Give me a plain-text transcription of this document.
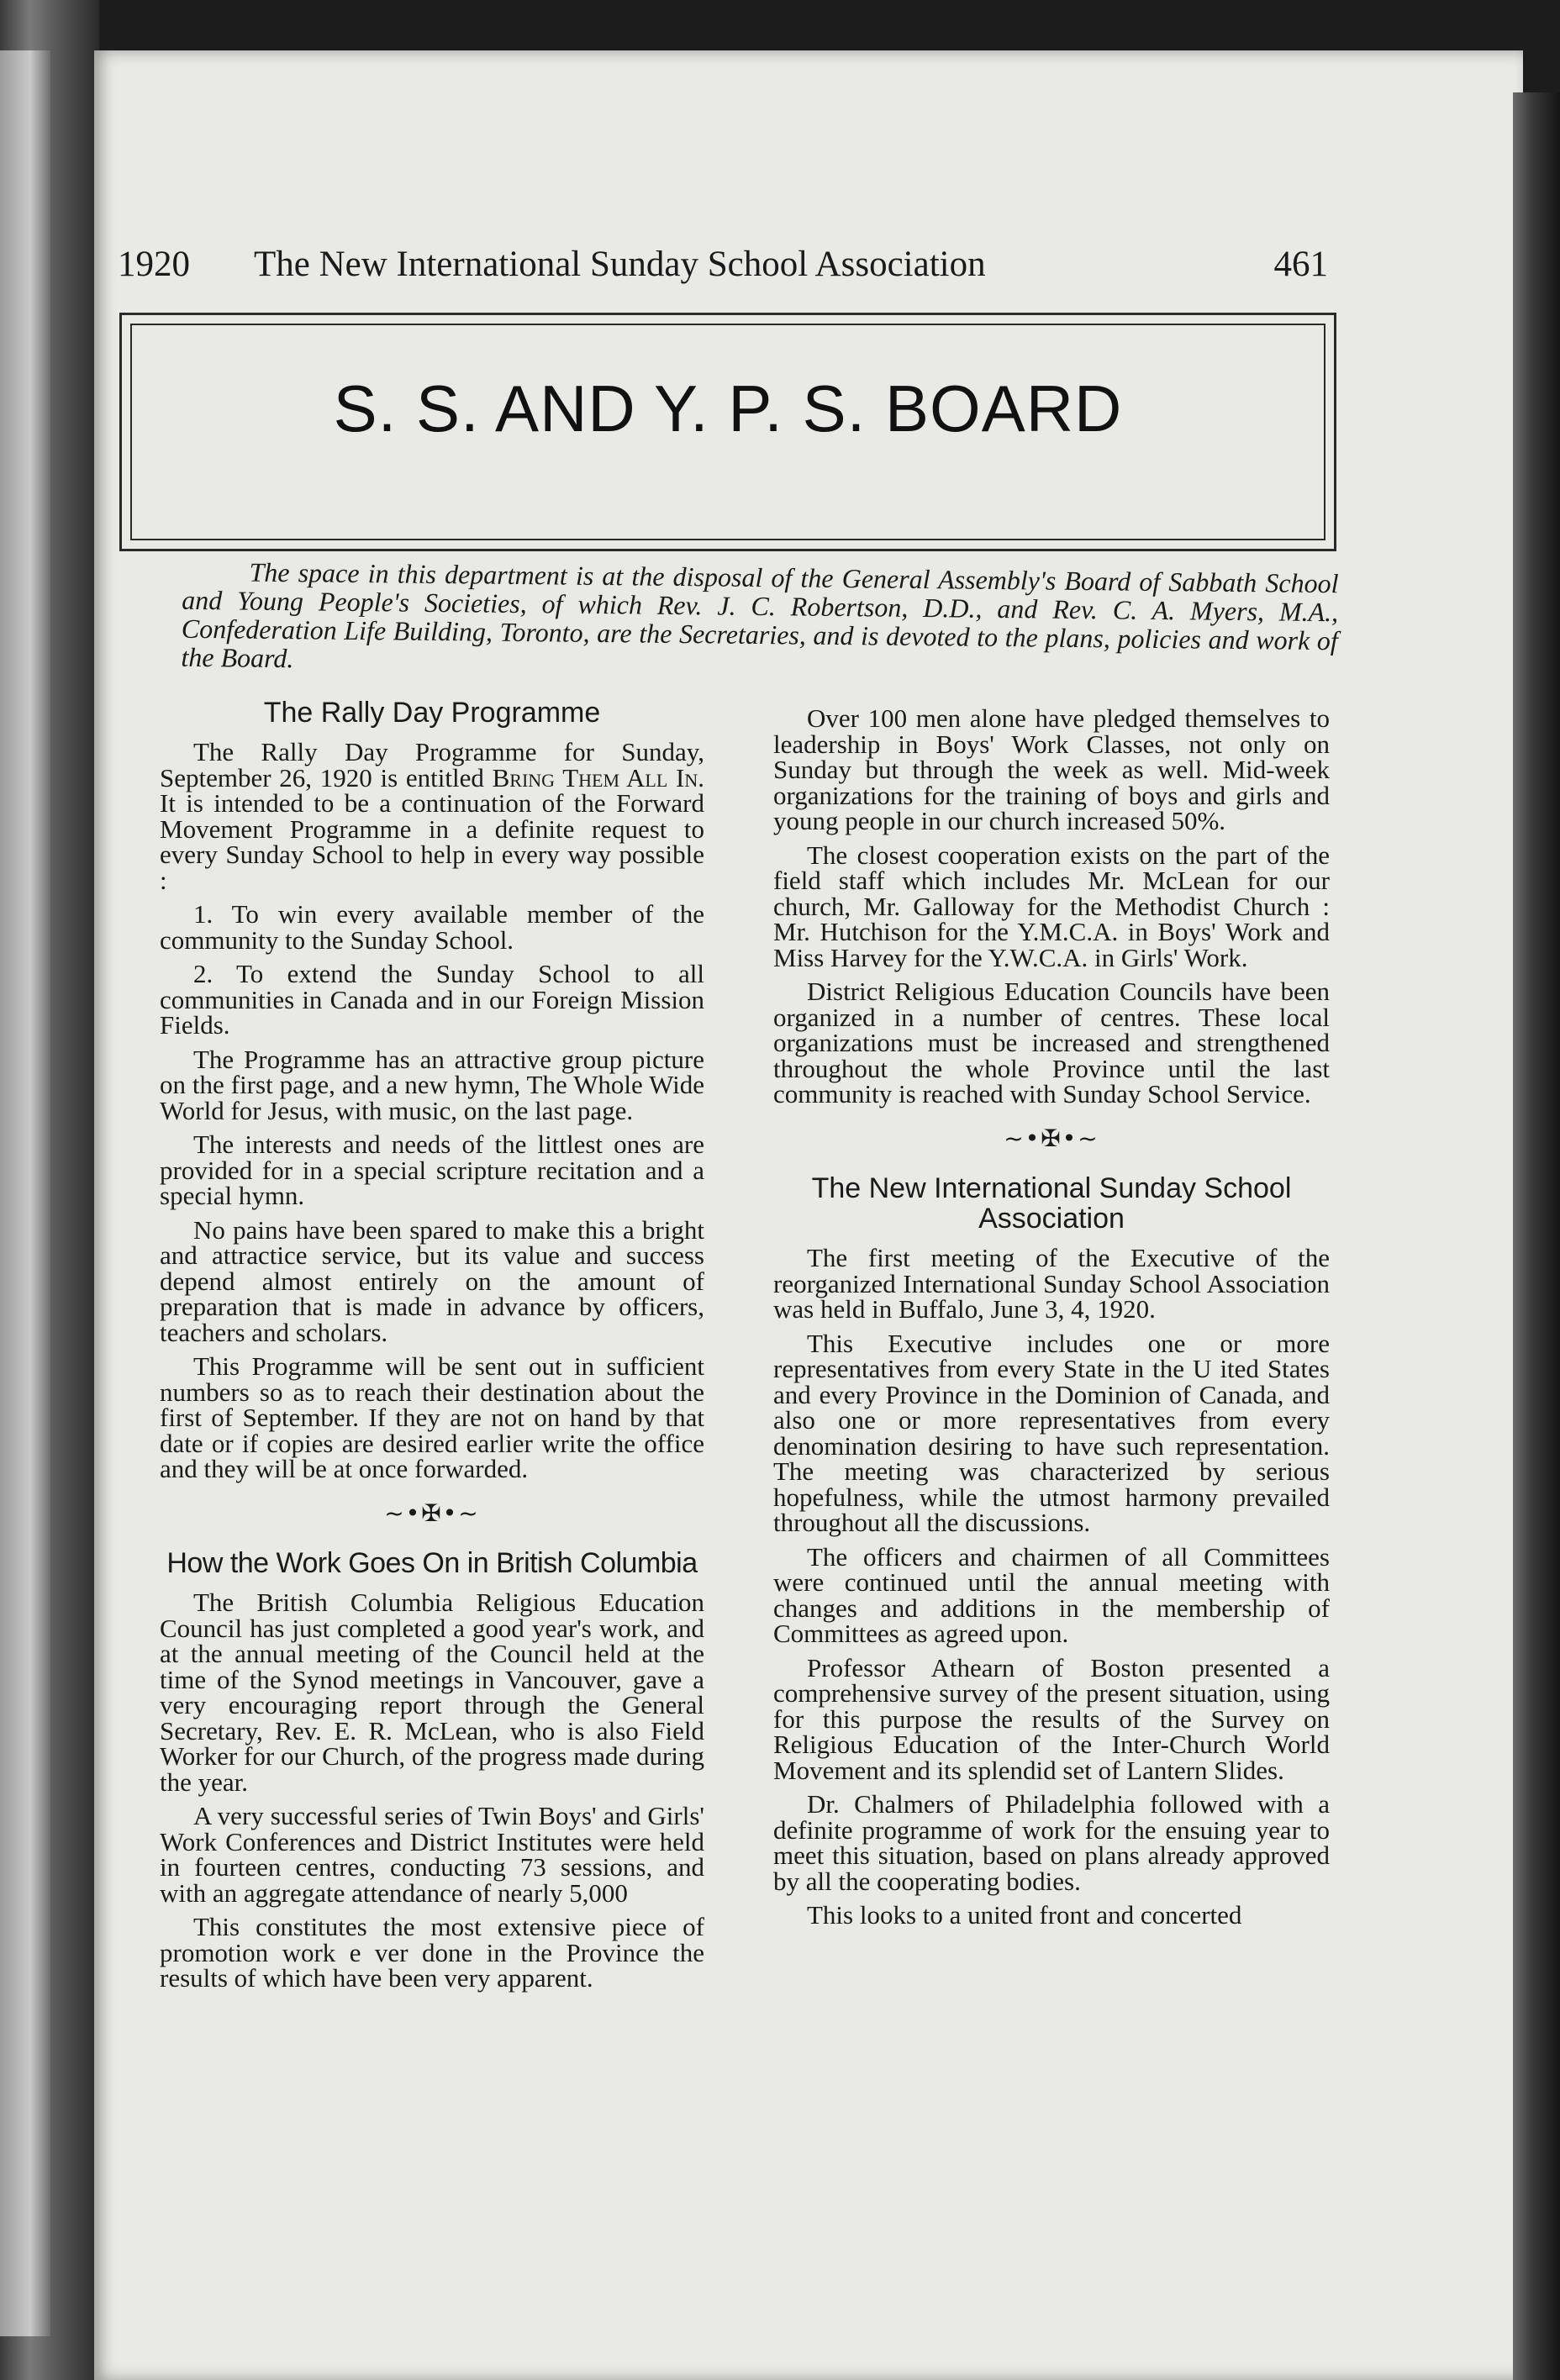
1920 The New International Sunday School Association	461
S. S. AND Y. P. S. BOARD
The space in this department is at the disposal of the General Assembly's Board of Sabbath School and Young People's Societies, of which Rev. J. C. Robertson, D.D., and Rev. C. A. Myers, M.A., Confederation Life Building, Toronto, are the Secretaries, and is devoted to the plans, policies and work of the Board.
The Rally Day Programme

The Rally Day Programme for Sunday, September 26, 1920 is entitled Bring Them All In. It is intended to be a continuation of the Forward Movement Programme in a definite request to every Sunday School to help in every way possible :

1. To win every available member of the community to the Sunday School.

2. To extend the Sunday School to all communities in Canada and in our Foreign Mission Fields.

The Programme has an attractive group picture on the first page, and a new hymn, The Whole Wide World for Jesus, with music, on the last page.

The interests and needs of the littlest ones are provided for in a special scripture recitation and a special hymn.

No pains have been spared to make this a bright and attractice service, but its value and success depend almost entirely on the amount of preparation that is made in advance by officers, teachers and scholars.

This Programme will be sent out in sufficient numbers so as to reach their destination about the first of September. If they are not on hand by that date or if copies are desired earlier write the office and they will be at once forwarded.

~•✠•~
How the Work Goes On in British Columbia

The British Columbia Religious Education Council has just completed a good year's work, and at the annual meeting of the Council held at the time of the Synod meetings in Vancouver, gave a very encouraging report through the General Secretary, Rev. E. R. McLean, who is also Field Worker for our Church, of the progress made during the year.

A very successful series of Twin Boys' and Girls' Work Conferences and District Institutes were held in fourteen centres, conducting 73 sessions, and with an aggregate attendance of nearly 5,000

This constitutes the most extensive piece of promotion work e ver done in the Province the results of which have been very apparent.

Over 100 men alone have pledged themselves to leadership in Boys' Work Classes, not only on Sunday but through the week as well. Mid-week organizations for the training of boys and girls and young people in our church increased 50%.

The closest cooperation exists on the part of the field staff which includes Mr. McLean for our church, Mr. Galloway for the Methodist Church : Mr. Hutchison for the Y.M.C.A. in Boys' Work and Miss Harvey for the Y.W.C.A. in Girls' Work.

District Religious Education Councils have been organized in a number of centres. These local organizations must be increased and strengthened throughout the whole Province until the last community is reached with Sunday School Service.

~•✠•~
The New International Sunday School Association

The first meeting of the Executive of the reorganized International Sunday School Association was held in Buffalo, June 3, 4, 1920.

This Executive includes one or more representatives from every State in the U ited States and every Province in the Dominion of Canada, and also one or more representatives from every denomination desiring to have such representation. The meeting was characterized by serious hopefulness, while the utmost harmony prevailed throughout all the discussions.

The officers and chairmen of all Committees were continued until the annual meeting with changes and additions in the membership of Committees as agreed upon.

Professor Athearn of Boston presented a comprehensive survey of the present situation, using for this purpose the results of the Survey on Religious Education of the Inter-Church World Movement and its splendid set of Lantern Slides.

Dr. Chalmers of Philadelphia followed with a definite programme of work for the ensuing year to meet this situation, based on plans already approved by all the cooperating bodies.

This looks to a united front and concerted
